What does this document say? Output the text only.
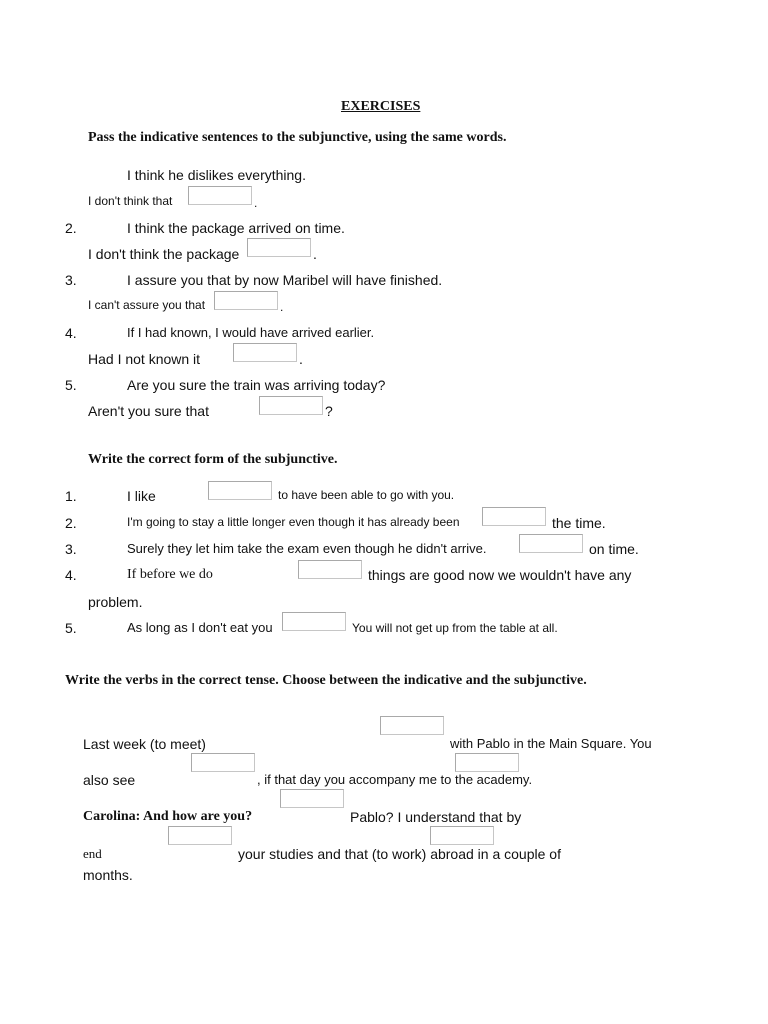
EXERCISES
Pass the indicative sentences to the subjunctive, using the same words.
I think he dislikes everything.
I don't think that	.
2.	I think the package arrived on time.
I don't think the package	.
3.	I assure you that by now Maribel will have finished.
I can't assure you that	.
4.	If I had known, I would have arrived earlier.
Had I not known it	.
5.	Are you sure the train was arriving today?
Aren't you sure that	?
Write the correct form of the subjunctive.
1.	I like	to have been able to go with you.
2.	I'm going to stay a little longer even though it has already been	the time.
3.	Surely they let him take the exam even though he didn't arrive.	on time.
4.	If before we do	things are good now we wouldn't have any
problem.
5.	As long as I don't eat you	You will not get up from the table at all.
Write the verbs in the correct tense. Choose between the indicative and the subjunctive.
Last week (to meet)	with Pablo in the Main Square. You
also see	, if that day you accompany me to the academy.
Carolina: And how are you?	Pablo? I understand that by
end	your studies and that (to work) abroad in a couple of
months.
